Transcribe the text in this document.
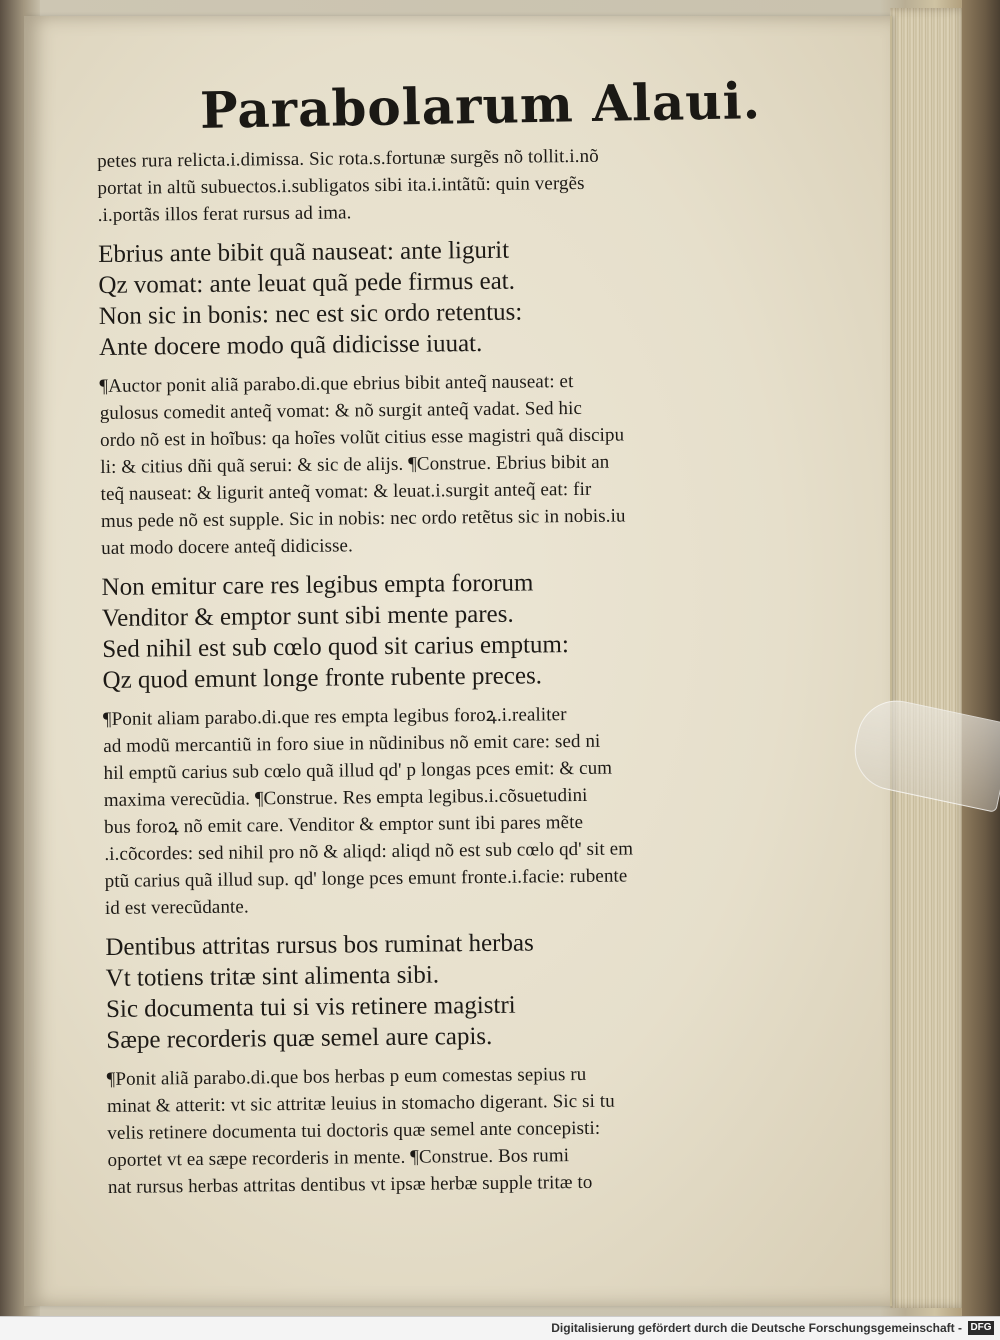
Parabolarum Alaui.

petes rura relicta.i.dimissa. Sic rota.s.fortunæ surgẽs nõ tollit.i.nõ

portat in altũ subuectos.i.subligatos sibi ita.i.intãtũ: quin vergẽs

.i.portãs illos ferat rursus ad ima.

Ebrius ante bibit quã nauseat: ante ligurit

Qz vomat: ante leuat quã pede firmus eat.

Non sic in bonis: nec est sic ordo retentus:

Ante docere modo quã didicisse iuuat.

¶Auctor ponit aliã parabo.di.que ebrius bibit anteq̃ nauseat: et

gulosus comedit anteq̃ vomat: & nõ surgit anteq̃ vadat. Sed hic

ordo nõ est in hoĩbus: qa hoĩes volũt citius esse magistri quã discipu

li: & citius dñi quã serui: & sic de alijs. ¶Construe. Ebrius bibit an

teq̃ nauseat: & ligurit anteq̃ vomat: & leuat.i.surgit anteq̃ eat: fir

mus pede nõ est supple. Sic in nobis: nec ordo retẽtus sic in nobis.iu

uat modo docere anteq̃ didicisse.

Non emitur care res legibus empta fororum

Venditor & emptor sunt sibi mente pares.

Sed nihil est sub cœlo quod sit carius emptum:

Qz quod emunt longe fronte rubente preces.

¶Ponit aliam parabo.di.que res empta legibus foroꝝ.i.realiter

ad modũ mercantiũ in foro siue in nũdinibus nõ emit care: sed ni

hil emptũ carius sub cœlo quã illud qd' p longas pces emit: & cum

maxima verecũdia. ¶Construe. Res empta legibus.i.cõsuetudini

bus foroꝝ nõ emit care. Venditor & emptor sunt ibi pares mẽte

.i.cõcordes: sed nihil pro nõ & aliqd: aliqd nõ est sub cœlo qd' sit em

ptũ carius quã illud sup. qd' longe pces emunt fronte.i.facie: rubente

id est verecũdante.

Dentibus attritas rursus bos ruminat herbas

Vt totiens tritæ sint alimenta sibi.

Sic documenta tui si vis retinere magistri

Sæpe recorderis quæ semel aure capis.

¶Ponit aliã parabo.di.que bos herbas p eum comestas sepius ru

minat & atterit: vt sic attritæ leuius in stomacho digerant. Sic si tu

velis retinere documenta tui doctoris quæ semel ante concepisti:

oportet vt ea sæpe recorderis in mente. ¶Construe. Bos rumi

nat rursus herbas attritas dentibus vt ipsæ herbæ supple tritæ to

Digitalisierung gefördert durch die Deutsche Forschungsgemeinschaft - DFG
